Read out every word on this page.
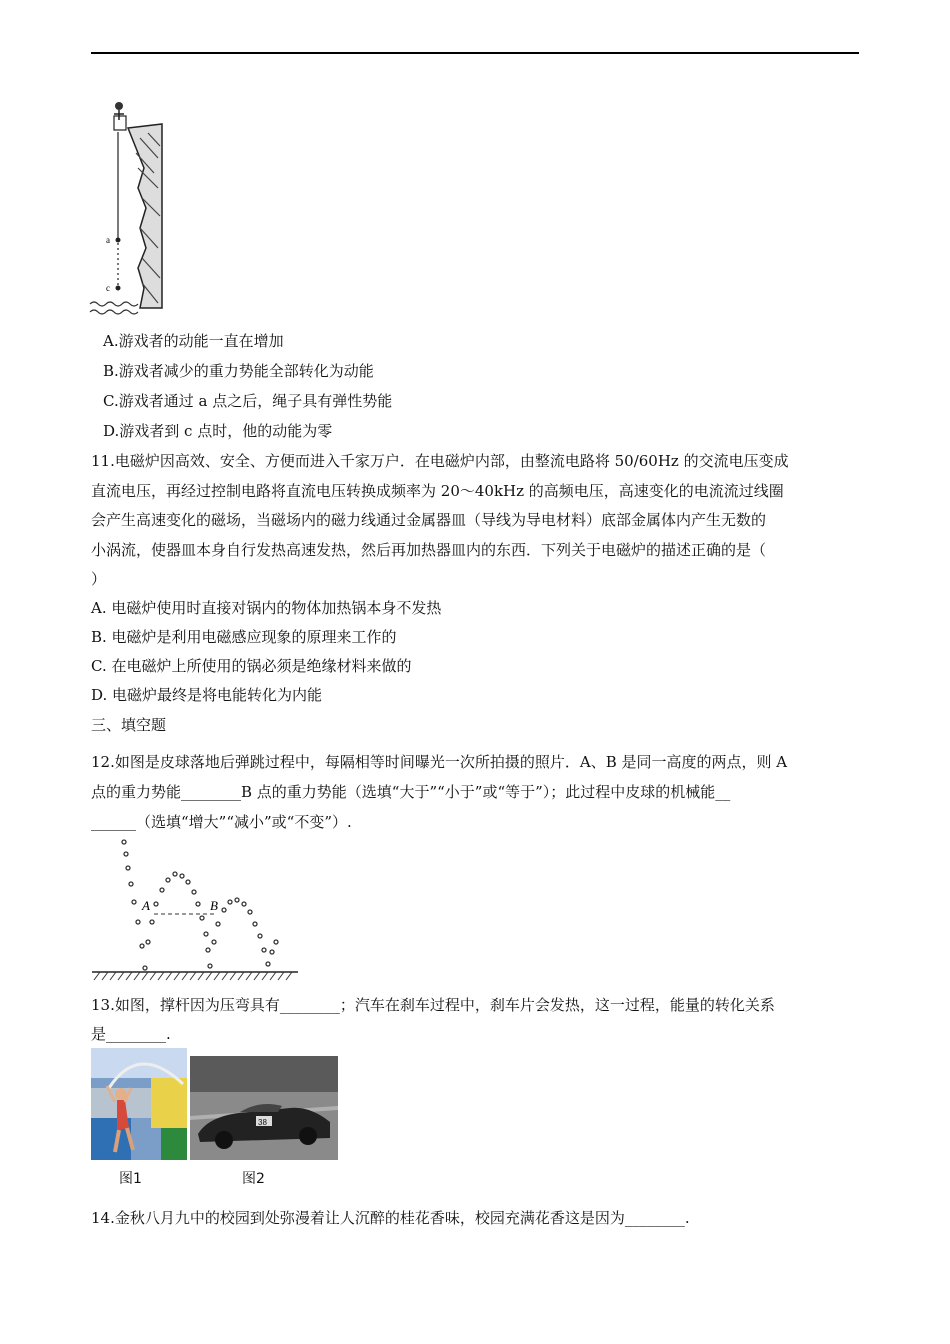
a
c
A.游戏者的动能一直在增加
B.游戏者减少的重力势能全部转化为动能
C.游戏者通过 a 点之后，绳子具有弹性势能
D.游戏者到 c 点时，他的动能为零
11.电磁炉因高效、安全、方便而进入千家万户．在电磁炉内部，由整流电路将 50/60Hz 的交流电压变成
直流电压，再经过控制电路将直流电压转换成频率为 20～40kHz 的高频电压，高速变化的电流流过线圈
会产生高速变化的磁场，当磁场内的磁力线通过金属器皿（导线为导电材料）底部金属体内产生无数的
小涡流，使器皿本身自行发热高速发热，然后再加热器皿内的东西．下列关于电磁炉的描述正确的是（
）
A. 电磁炉使用时直接对锅内的物体加热锅本身不发热
B. 电磁炉是利用电磁感应现象的原理来工作的
C. 在电磁炉上所使用的锅必须是绝缘材料来做的
D. 电磁炉最终是将电能转化为内能
三、填空题
12.如图是皮球落地后弹跳过程中，每隔相等时间曝光一次所拍摄的照片．A、B 是同一高度的两点，则 A
点的重力势能________B 点的重力势能（选填“大于”“小于”或“等于”）；此过程中皮球的机械能__
______（选填“增大”“减小”或“不变”）.
A	B
13.如图，撑杆因为压弯具有________；汽车在刹车过程中，刹车片会发热，这一过程，能量的转化关系
是________.
38
图1	图2
14.金秋八月九中的校园到处弥漫着让人沉醉的桂花香味，校园充满花香这是因为________.
